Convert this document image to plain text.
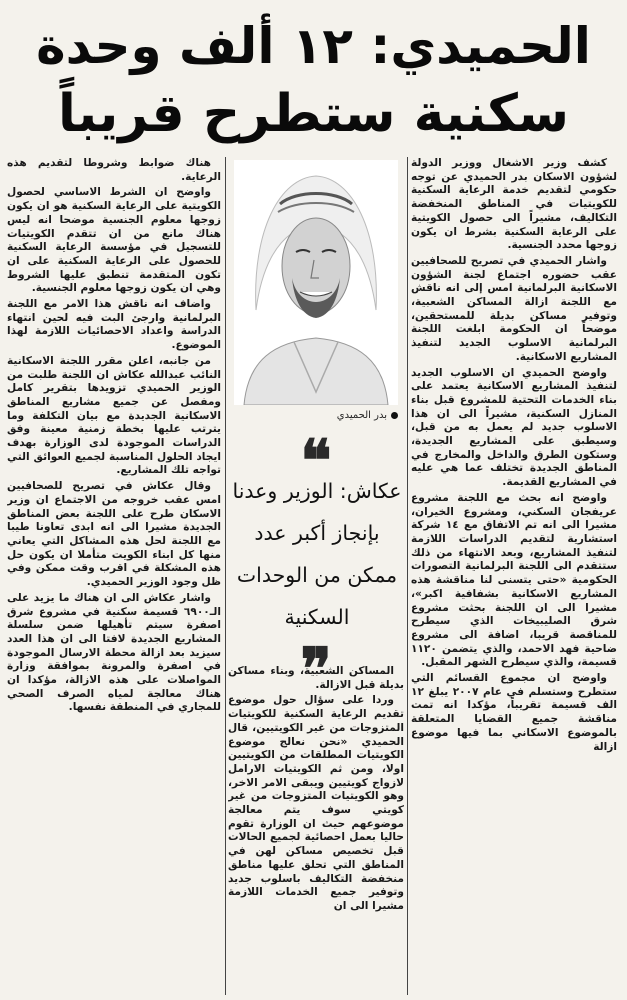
الحميدي: ١٢ ألف وحدة
سكنية ستطرح قريباً

كشف وزير الاشغال ووزير الدولة لشؤون الاسكان بدر الحميدي عن توجه حكومي لتقديم خدمة الرعاية السكنية للكويتيات في المناطق المنخفضة التكاليف، مشيراً الى حصول الكويتية على الرعاية السكنية بشرط ان يكون زوجها محدد الجنسية.

واشار الحميدي في تصريح للصحافيين عقب حضوره اجتماع لجنة الشؤون الاسكانية البرلمانية امس إلى انه ناقش مع اللجنة ازالة المساكن الشعبية، وتوفير مساكن بديلة للمستحقين، موضحاً ان الحكومة ابلغت اللجنة البرلمانية الاسلوب الجديد لتنفيذ المشاريع الاسكانية.

واوضح الحميدي ان الاسلوب الجديد لتنفيذ المشاريع الاسكانية يعتمد على بناء الخدمات التحتية للمشروع قبل بناء المنازل السكنية، مشيراً الى ان هذا الاسلوب جديد لم يعمل به من قبل، وسيطبق على المشاريع الجديدة، وستكون الطرق والداخل والمخارج في المناطق الجديدة تختلف عما هي عليه في المشاريع القديمة.

واوضح انه بحث مع اللجنة مشروع عريفجان السكني، ومشروع الخيران، مشيرا الى انه تم الاتفاق مع ١٤ شركة استشارية لتقديم الدراسات اللازمة لتنفيذ المشاريع، وبعد الانتهاء من ذلك ستتقدم الى اللجنة البرلمانية التصورات الحكومية «حتى يتسنى لنا مناقشة هذه المشاريع الاسكانية بشفافية اكبر»، مشيرا الى ان اللجنة بحثت مشروع شرق الصليبيخات الذي سيطرح للمناقصة قريبا، اضافة الى مشروع ضاحية فهد الاحمد، والذي يتضمن ١١٢٠ قسيمة، والذي سيطرح الشهر المقبل.

واوضح ان مجموع القسائم التي ستطرح وستسلم في عام ٢٠٠٧ يبلغ ١٢ الف قسيمة تقريباً، مؤكدا انه تمت مناقشة جميع القضايا المتعلقة بالموضوع الاسكاني بما فيها موضوع ازالة

بدر الحميدي
❝
عكاش: الوزير وعدنا بإنجاز أكبر عدد ممكن من الوحدات السكنية
❞

المساكن الشعبية، وبناء مساكن بديلة قبل الازالة.

وردا على سؤال حول موضوع تقديم الرعاية السكنية للكويتيات المتزوجات من غير الكويتيين، قال الحميدي «نحن نعالج موضوع الكويتيات المطلقات من الكويتيين اولا، ومن ثم الكويتيات الارامل لازواج كويتيين ويبقى الامر الاخر، وهو الكويتيات المتزوجات من غير كويتي سوف يتم معالجة موضوعهم حيث ان الوزارة تقوم حاليا بعمل احصائية لجميع الحالات قبل تخصيص مساكن لهن في المناطق التي تحلق عليها مناطق منخفضة التكاليف باسلوب جديد وتوفير جميع الخدمات اللازمة مشيرا الى ان

هناك ضوابط وشروطا لتقديم هذه الرعاية.

واوضح ان الشرط الاساسي لحصول الكويتية على الرعاية السكنية هو ان يكون زوجها معلوم الجنسية موضحا انه ليس هناك مانع من ان تتقدم الكويتيات للتسجيل في مؤسسة الرعاية السكنية للحصول على الرعاية السكنية على ان تكون المتقدمة تنطبق عليها الشروط وهي ان يكون زوجها معلوم الجنسية.

واضاف انه ناقش هذا الامر مع اللجنة البرلمانية وارجئ البت فيه لحين انتهاء الدراسة واعداد الاحصائيات اللازمة لهذا الموضوع.

من جانبه، اعلن مقرر اللجنة الاسكانية النائب عبدالله عكاش ان اللجنة طلبت من الوزير الحميدي تزويدها بتقرير كامل ومفصل عن جميع مشاريع المناطق الاسكانية الجديدة مع بيان التكلفة وما يترتب عليها بخطة زمنية معينة وفق الدراسات الموجودة لدى الوزارة بهدف ايجاد الحلول المناسبة لجميع العوائق التي تواجه تلك المشاريع.

وقال عكاش في تصريح للصحافيين امس عقب خروجه من الاجتماع ان وزير الاسكان طرح على اللجنة بعض المناطق الجديدة مشيرا الى انه ابدى تعاونا طيبا مع اللجنة لحل هذه المشاكل التي يعاني منها كل ابناء الكويت متأملا ان يكون حل هذه المشكلة في اقرب وقت ممكن وفي ظل وجود الوزير الحميدي.

واشار عكاش الى ان هناك ما يزيد على الـ٦٩٠٠ قسيمة سكنية في مشروع شرق اصفرة سيتم تأهيلها ضمن سلسلة المشاريع الجديدة لافتا الى ان هذا العدد سيزيد بعد ازالة محطة الارسال الموجودة في اصفرة والمرونة بموافقة وزارة المواصلات على هذه الازالة، مؤكدا ان هناك معالجة لمياه الصرف الصحي للمجاري في المنطقة نفسها.
